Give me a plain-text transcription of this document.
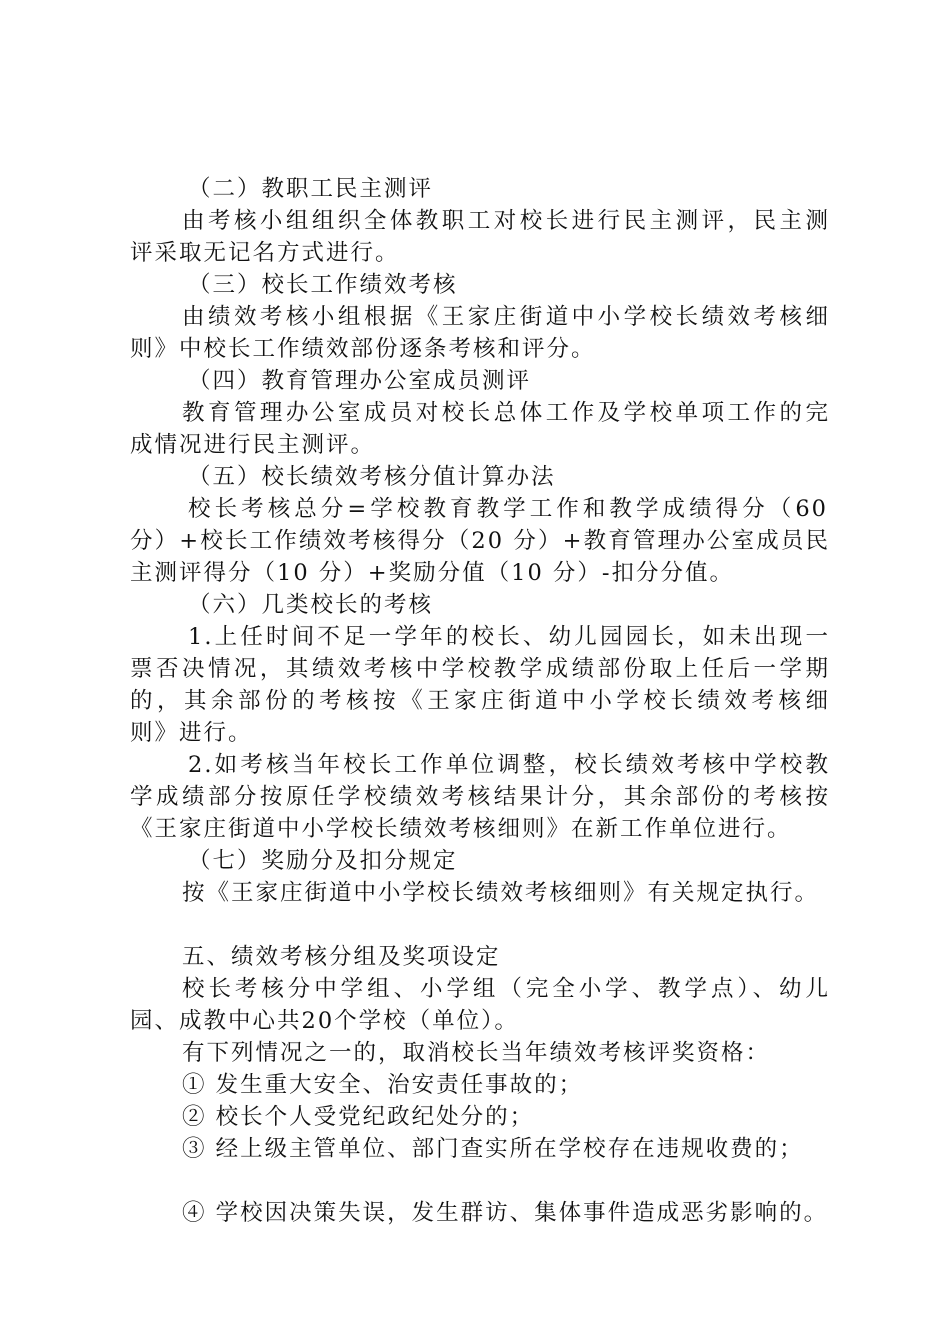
（二）教职工民主测评
由考核小组组织全体教职工对校长进行民主测评，民主测
评采取无记名方式进行。
（三）校长工作绩效考核
由绩效考核小组根据《王家庄街道中小学校长绩效考核细
则》中校长工作绩效部份逐条考核和评分。
（四）教育管理办公室成员测评
教育管理办公室成员对校长总体工作及学校单项工作的完
成情况进行民主测评。
（五）校长绩效考核分值计算办法
校长考核总分=学校教育教学工作和教学成绩得分（60
分）+校长工作绩效考核得分（20 分）+教育管理办公室成员民
主测评得分（10 分）+奖励分值（10 分）-扣分分值。
（六）几类校长的考核
1.上任时间不足一学年的校长、幼儿园园长，如未出现一
票否决情况，其绩效考核中学校教学成绩部份取上任后一学期
的，其余部份的考核按《王家庄街道中小学校长绩效考核细
则》进行。
2.如考核当年校长工作单位调整，校长绩效考核中学校教
学成绩部分按原任学校绩效考核结果计分，其余部份的考核按
《王家庄街道中小学校长绩效考核细则》在新工作单位进行。
（七）奖励分及扣分规定
按《王家庄街道中小学校长绩效考核细则》有关规定执行。
五、绩效考核分组及奖项设定
校长考核分中学组、小学组（完全小学、教学点）、幼儿
园、成教中心共20个学校（单位）。
有下列情况之一的，取消校长当年绩效考核评奖资格：
① 发生重大安全、治安责任事故的；
② 校长个人受党纪政纪处分的；
③ 经上级主管单位、部门查实所在学校存在违规收费的；
④ 学校因决策失误，发生群访、集体事件造成恶劣影响的。
